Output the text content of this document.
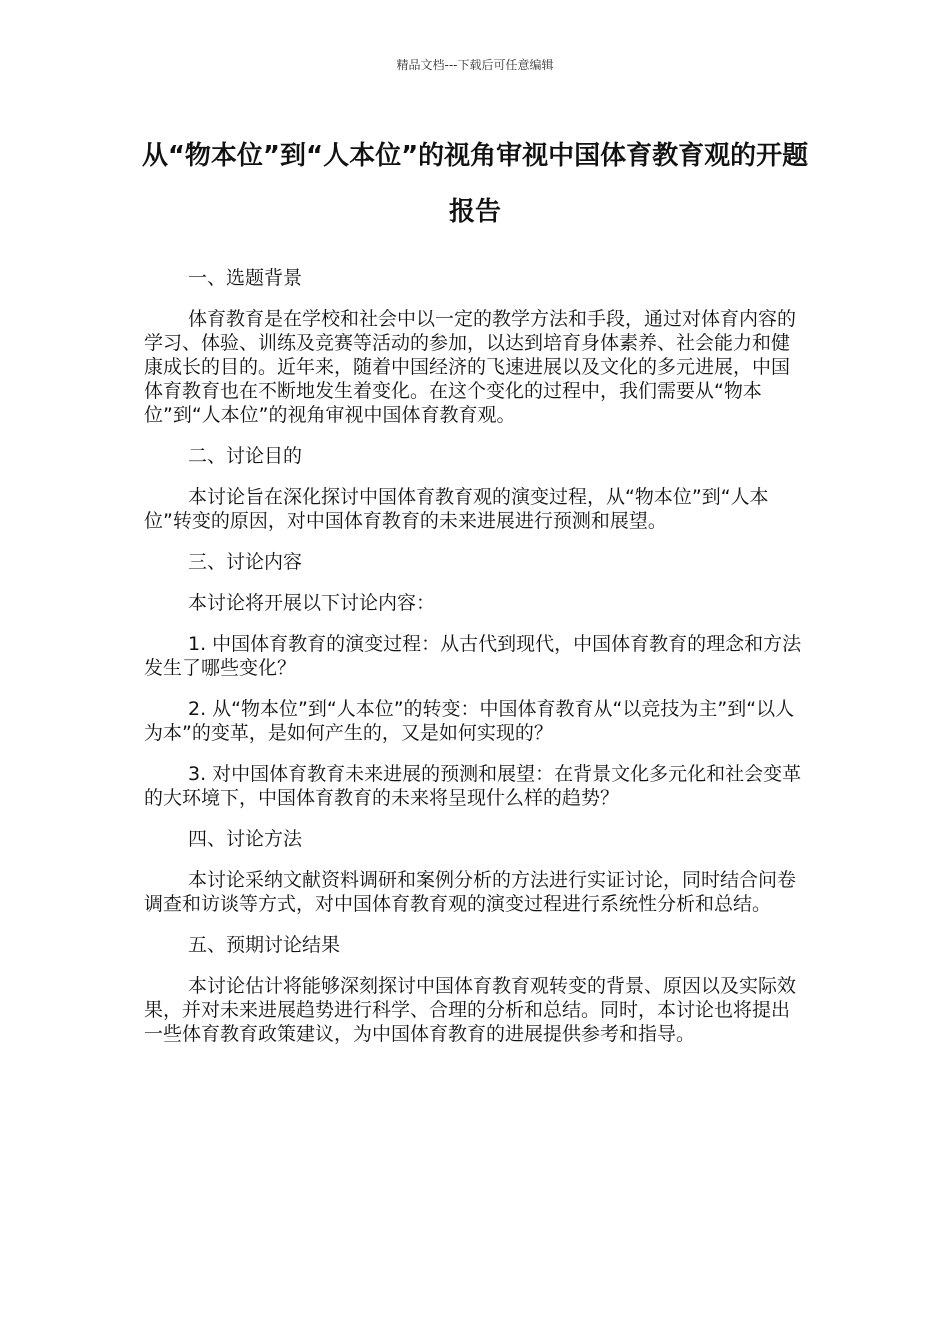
精品文档---下载后可任意编辑
从“物本位”到“人本位”的视角审视中国体育教育观的开题报告
一、选题背景
体育教育是在学校和社会中以一定的教学方法和手段，通过对体育内容的学习、体验、训练及竞赛等活动的参加，以达到培育身体素养、社会能力和健康成长的目的。近年来，随着中国经济的飞速进展以及文化的多元进展，中国体育教育也在不断地发生着变化。在这个变化的过程中，我们需要从“物本位”到“人本位”的视角审视中国体育教育观。
二、讨论目的
本讨论旨在深化探讨中国体育教育观的演变过程，从“物本位”到“人本位”转变的原因，对中国体育教育的未来进展进行预测和展望。
三、讨论内容
本讨论将开展以下讨论内容：
1. 中国体育教育的演变过程：从古代到现代，中国体育教育的理念和方法发生了哪些变化？
2. 从“物本位”到“人本位”的转变：中国体育教育从“以竞技为主”到“以人为本”的变革，是如何产生的，又是如何实现的？
3. 对中国体育教育未来进展的预测和展望：在背景文化多元化和社会变革的大环境下，中国体育教育的未来将呈现什么样的趋势？
四、讨论方法
本讨论采纳文献资料调研和案例分析的方法进行实证讨论，同时结合问卷调查和访谈等方式，对中国体育教育观的演变过程进行系统性分析和总结。
五、预期讨论结果
本讨论估计将能够深刻探讨中国体育教育观转变的背景、原因以及实际效果，并对未来进展趋势进行科学、合理的分析和总结。同时，本讨论也将提出一些体育教育政策建议，为中国体育教育的进展提供参考和指导。
